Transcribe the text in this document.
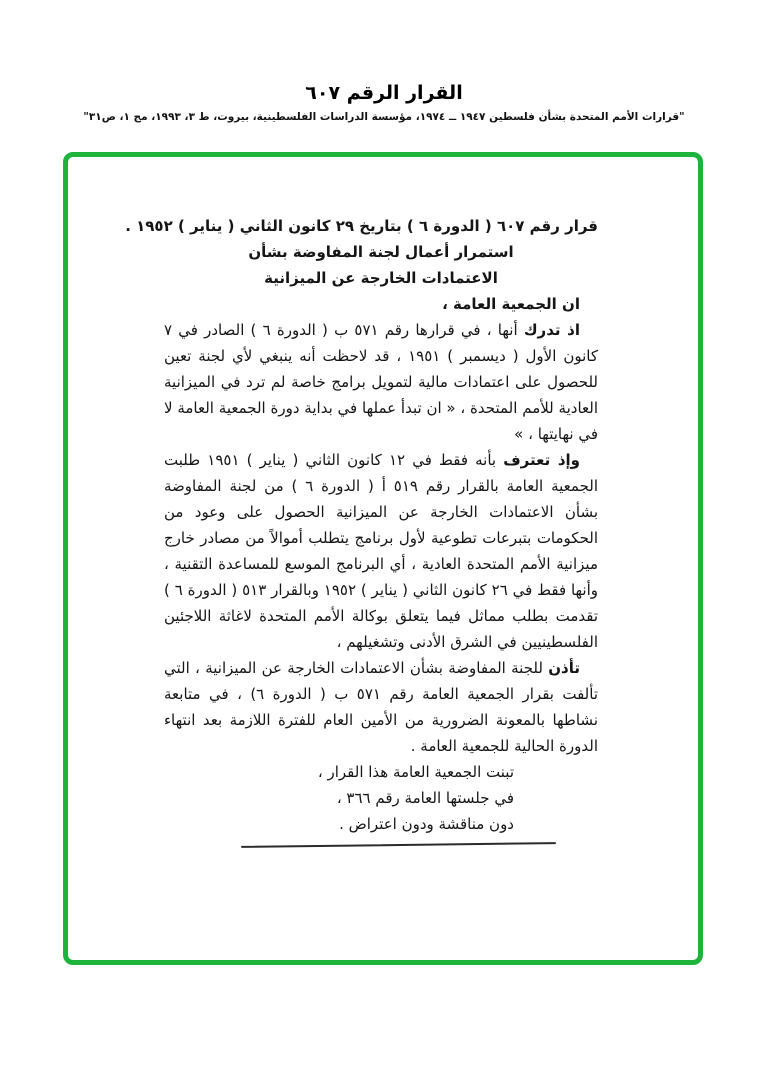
القرار الرقم ٦٠٧
"قرارات الأمم المتحدة بشأن فلسطين ١٩٤٧ ــ ١٩٧٤، مؤسسة الدراسات الفلسطينية، بيروت، ط ٣، ١٩٩٣، مج ١، ص٣١"
قرار رقم ٦٠٧ ( الدورة ٦ ) بتاريخ ٢٩ كانون الثاني ( يناير ) ١٩٥٢ .
استمرار أعمال لجنة المفاوضة بشأن
الاعتمادات الخارجة عن الميزانية

ان الجمعية العامة ،

اذ تدرك أنها ، في قرارها رقم ٥٧١ ب ( الدورة ٦ ) الصادر في ٧ كانون الأول ( ديسمبر ) ١٩٥١ ، قد لاحظت أنه ينبغي لأي لجنة تعين للحصول على اعتمادات مالية لتمويل برامج خاصة لم ترد في الميزانية العادية للأمم المتحدة ، « ان تبدأ عملها في بداية دورة الجمعية العامة لا في نهايتها ، »

وإذ تعترف بأنه فقط في ١٢ كانون الثاني ( يناير ) ١٩٥١ طلبت الجمعية العامة بالقرار رقم ٥١٩ أ ( الدورة ٦ ) من لجنة المفاوضة بشأن الاعتمادات الخارجة عن الميزانية الحصول على وعود من الحكومات بتبرعات تطوعية لأول برنامج يتطلب أموالاً من مصادر خارج ميزانية الأمم المتحدة العادية ، أي البرنامج الموسع للمساعدة التقنية ، وأنها فقط في ٢٦ كانون الثاني ( يناير ) ١٩٥٢ وبالقرار ٥١٣ ( الدورة ٦ ) تقدمت بطلب مماثل فيما يتعلق بوكالة الأمم المتحدة لاغاثة اللاجئين الفلسطينيين في الشرق الأدنى وتشغيلهم ،

تأذن للجنة المفاوضة بشأن الاعتمادات الخارجة عن الميزانية ، التي تألفت بقرار الجمعية العامة رقم ٥٧١ ب ( الدورة ٦) ، في متابعة نشاطها بالمعونة الضرورية من الأمين العام للفترة اللازمة بعد انتهاء الدورة الحالية للجمعية العامة .

تبنت الجمعية العامة هذا القرار ،
في جلستها العامة رقم ٣٦٦ ،
دون مناقشة ودون اعتراض .
